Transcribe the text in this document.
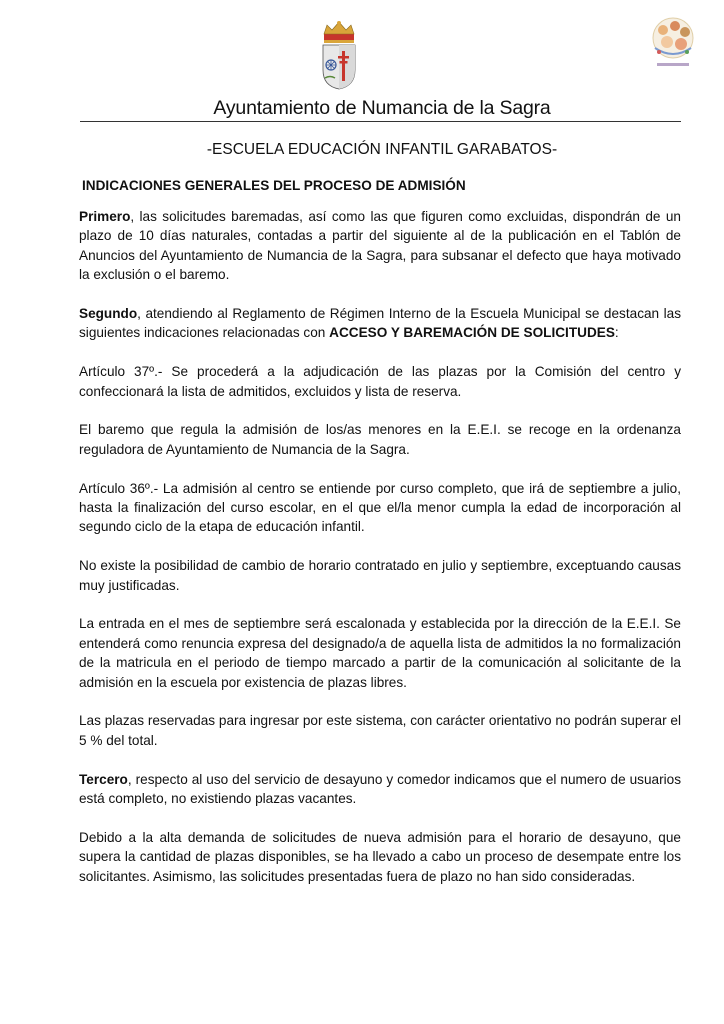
Ayuntamiento de Numancia de la Sagra
-ESCUELA EDUCACIÓN INFANTIL GARABATOS-
INDICACIONES GENERALES DEL PROCESO DE ADMISIÓN

Primero, las solicitudes baremadas, así como las que figuren como excluidas, dispondrán de un plazo de 10 días naturales, contadas a partir del siguiente al de la publicación en el Tablón de Anuncios del Ayuntamiento de Numancia de la Sagra, para subsanar el defecto que haya motivado la exclusión o el baremo.

Segundo, atendiendo al Reglamento de Régimen Interno de la Escuela Municipal se destacan las siguientes indicaciones relacionadas con ACCESO Y BAREMACIÓN DE SOLICITUDES:

Artículo 37º.- Se procederá a la adjudicación de las plazas por la Comisión del centro y confeccionará la lista de admitidos, excluidos y lista de reserva.

El baremo que regula la admisión de los/as menores en la E.E.I. se recoge en la ordenanza reguladora de Ayuntamiento de Numancia de la Sagra.

Artículo 36º.- La admisión al centro se entiende por curso completo, que irá de septiembre a julio, hasta la finalización del curso escolar, en el que el/la menor cumpla la edad de incorporación al segundo ciclo de la etapa de educación infantil.

No existe la posibilidad de cambio de horario contratado en julio y septiembre, exceptuando causas muy justificadas.

La entrada en el mes de septiembre será escalonada y establecida por la dirección de la E.E.I. Se entenderá como renuncia expresa del designado/a de aquella lista de admitidos la no formalización de la matricula en el periodo de tiempo marcado a partir de la comunicación al solicitante de la admisión en la escuela por existencia de plazas libres.

Las plazas reservadas para ingresar por este sistema, con carácter orientativo no podrán superar el 5 % del total.

Tercero, respecto al uso del servicio de desayuno y comedor indicamos que el numero de usuarios está completo, no existiendo plazas vacantes.

Debido a la alta demanda de solicitudes de nueva admisión para el horario de desayuno, que supera la cantidad de plazas disponibles, se ha llevado a cabo un proceso de desempate entre los solicitantes. Asimismo, las solicitudes presentadas fuera de plazo no han sido consideradas.
